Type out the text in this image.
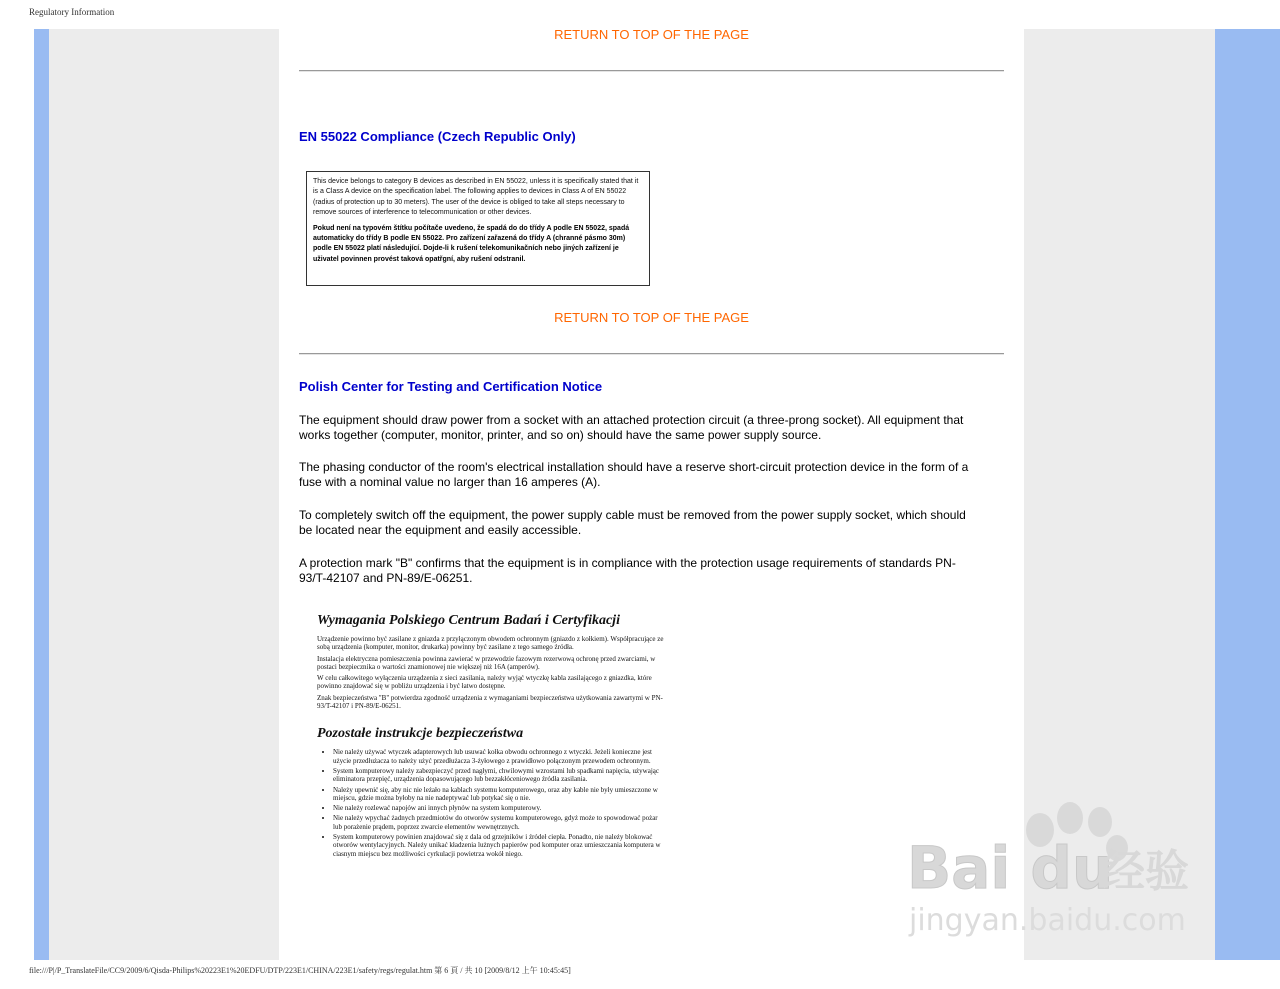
Regulatory Information
RETURN TO TOP OF THE PAGE
EN 55022 Compliance (Czech Republic Only)

This device belongs to category B devices as described in EN 55022, unless it is specifically stated that it is a Class A device on the specification label. The following applies to devices in Class A of EN 55022 (radius of protection up to 30 meters). The user of the device is obliged to take all steps necessary to remove sources of interference to telecommunication or other devices.

Pokud není na typovém štítku počítače uvedeno, že spadá do do třídy A podle EN 55022, spadá automaticky do třídy B podle EN 55022. Pro zařízení zařazená do třídy A (chranné pásmo 30m) podle EN 55022 platí následující. Dojde-li k rušení telekomunikačních nebo jiných zařízení je uživatel povinnen provést taková opatřgní, aby rušení odstranil.

RETURN TO TOP OF THE PAGE
Polish Center for Testing and Certification Notice
The equipment should draw power from a socket with an attached protection circuit (a three-prong socket). All equipment that works together (computer, monitor, printer, and so on) should have the same power supply source.
The phasing conductor of the room's electrical installation should have a reserve short-circuit protection device in the form of a fuse with a nominal value no larger than 16 amperes (A).
To completely switch off the equipment, the power supply cable must be removed from the power supply socket, which should be located near the equipment and easily accessible.
A protection mark "B" confirms that the equipment is in compliance with the protection usage requirements of standards PN-93/T-42107 and PN-89/E-06251.
Wymagania Polskiego Centrum Badań i Certyfikacji

Urządzenie powinno być zasilane z gniazda z przyłączonym obwodem ochronnym (gniazdo z kołkiem). Współpracujące ze sobą urządzenia (komputer, monitor, drukarka) powinny być zasilane z tego samego źródła.

Instalacja elektryczna pomieszczenia powinna zawierać w przewodzie fazowym rezerwową ochronę przed zwarciami, w postaci bezpiecznika o wartości znamionowej nie większej niż 16A (amperów).

W celu całkowitego wyłączenia urządzenia z sieci zasilania, należy wyjąć wtyczkę kabla zasilającego z gniazdka, które powinno znajdować się w pobliżu urządzenia i być łatwo dostępne.

Znak bezpieczeństwa "B" potwierdza zgodność urządzenia z wymaganiami bezpieczeństwa użytkowania zawartymi w PN-93/T-42107 i PN-89/E-06251.

Pozostałe instrukcje bezpieczeństwa
• Nie należy używać wtyczek adapterowych lub usuwać kołka obwodu ochronnego z wtyczki. Jeżeli konieczne jest użycie przedłużacza to należy użyć przedłużacza 3-żyłowego z prawidłowo połączonym przewodem ochronnym.
• System komputerowy należy zabezpieczyć przed nagłymi, chwilowymi wzrostami lub spadkami napięcia, używając eliminatora przepięć, urządzenia dopasowującego lub bezzakłóceniowego źródła zasilania.
• Należy upewnić się, aby nic nie leżało na kablach systemu komputerowego, oraz aby kable nie były umieszczone w miejscu, gdzie można byłoby na nie nadeptywać lub potykać się o nie.
• Nie należy rozlewać napojów ani innych płynów na system komputerowy.
• Nie należy wpychać żadnych przedmiotów do otworów systemu komputerowego, gdyż może to spowodować pożar lub porażenie prądem, poprzez zwarcie elementów wewnętrznych.
• System komputerowy powinien znajdować się z dala od grzejników i źródeł ciepła. Ponadto, nie należy blokować otworów wentylacyjnych. Należy unikać kładzenia lużnych papierów pod komputer oraz umieszczania komputera w ciasnym miejscu bez możliwości cyrkulacji powietrza wokół niego.	Bai du
经验
jingyan.baidu.com
file:///P|/P_TranslateFile/CC9/2009/6/Qisda-Philips%20223E1%20EDFU/DTP/223E1/CHINA/223E1/safety/regs/regulat.htm 第 6 頁 / 共 10 [2009/8/12 上午 10:45:45]
